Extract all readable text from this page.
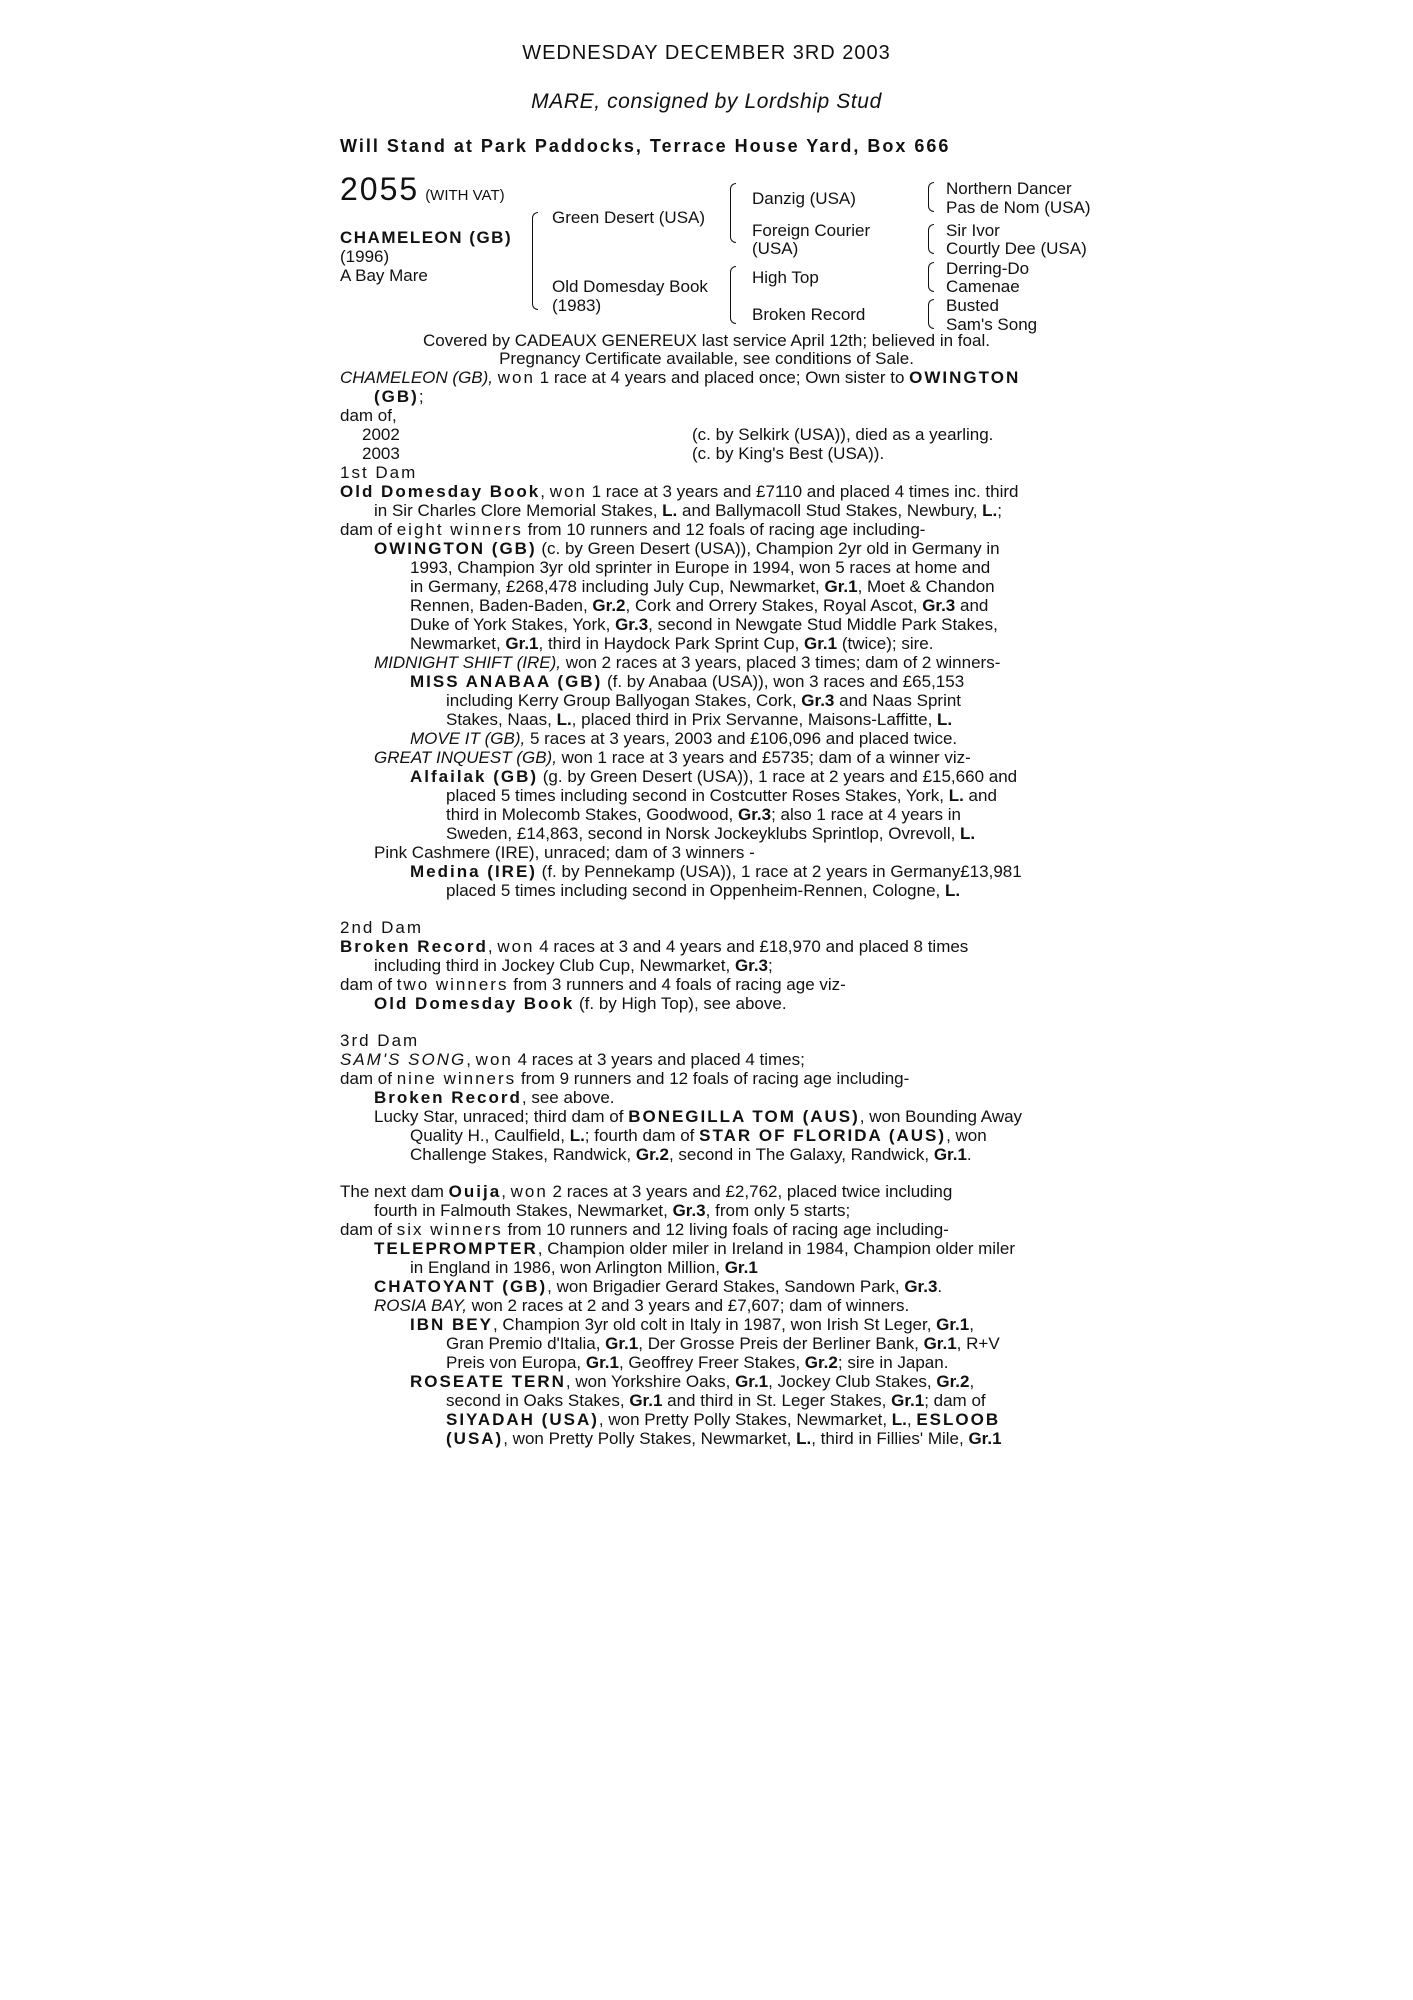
WEDNESDAY DECEMBER 3RD 2003
MARE, consigned by Lordship Stud
Will Stand at Park Paddocks, Terrace House Yard, Box 666
2055 (WITH VAT)
CHAMELEON (GB)
(1996)
A Bay Mare
Green Desert (USA)
Old Domesday Book
(1983)
Danzig (USA)
Foreign Courier
(USA)
High Top
Broken Record
Northern Dancer
Pas de Nom (USA)
Sir Ivor
Courtly Dee (USA)
Derring-Do
Camenae
Busted
Sam's Song
Covered by CADEAUX GENEREUX last service April 12th; believed in foal.
Pregnancy Certificate available, see conditions of Sale.
CHAMELEON (GB), won 1 race at 4 years and placed once; Own sister to OWINGTON
(GB);
dam of,
2002	(c. by Selkirk (USA)), died as a yearling.
2003	(c. by King's Best (USA)).
1st Dam
Old Domesday Book, won 1 race at 3 years and £7110 and placed 4 times inc. third
in Sir Charles Clore Memorial Stakes, L. and Ballymacoll Stud Stakes, Newbury, L.;
dam of eight winners from 10 runners and 12 foals of racing age including-
OWINGTON (GB) (c. by Green Desert (USA)), Champion 2yr old in Germany in
1993, Champion 3yr old sprinter in Europe in 1994, won 5 races at home and
in Germany, £268,478 including July Cup, Newmarket, Gr.1, Moet & Chandon
Rennen, Baden-Baden, Gr.2, Cork and Orrery Stakes, Royal Ascot, Gr.3 and
Duke of York Stakes, York, Gr.3, second in Newgate Stud Middle Park Stakes,
Newmarket, Gr.1, third in Haydock Park Sprint Cup, Gr.1 (twice); sire.
MIDNIGHT SHIFT (IRE), won 2 races at 3 years, placed 3 times; dam of 2 winners-
MISS ANABAA (GB) (f. by Anabaa (USA)), won 3 races and £65,153
including Kerry Group Ballyogan Stakes, Cork, Gr.3 and Naas Sprint
Stakes, Naas, L., placed third in Prix Servanne, Maisons-Laffitte, L.
MOVE IT (GB), 5 races at 3 years, 2003 and £106,096 and placed twice.
GREAT INQUEST (GB), won 1 race at 3 years and £5735; dam of a winner viz-
Alfailak (GB) (g. by Green Desert (USA)), 1 race at 2 years and £15,660 and
placed 5 times including second in Costcutter Roses Stakes, York, L. and
third in Molecomb Stakes, Goodwood, Gr.3; also 1 race at 4 years in
Sweden, £14,863, second in Norsk Jockeyklubs Sprintlop, Ovrevoll, L.
Pink Cashmere (IRE), unraced; dam of 3 winners -
Medina (IRE) (f. by Pennekamp (USA)), 1 race at 2 years in Germany£13,981
placed 5 times including second in Oppenheim-Rennen, Cologne, L.
2nd Dam
Broken Record, won 4 races at 3 and 4 years and £18,970 and placed 8 times
including third in Jockey Club Cup, Newmarket, Gr.3;
dam of two winners from 3 runners and 4 foals of racing age viz-
Old Domesday Book (f. by High Top), see above.
3rd Dam
SAM'S SONG, won 4 races at 3 years and placed 4 times;
dam of nine winners from 9 runners and 12 foals of racing age including-
Broken Record, see above.
Lucky Star, unraced; third dam of BONEGILLA TOM (AUS), won Bounding Away
Quality H., Caulfield, L.; fourth dam of STAR OF FLORIDA (AUS), won
Challenge Stakes, Randwick, Gr.2, second in The Galaxy, Randwick, Gr.1.
The next dam Ouija, won 2 races at 3 years and £2,762, placed twice including
fourth in Falmouth Stakes, Newmarket, Gr.3, from only 5 starts;
dam of six winners from 10 runners and 12 living foals of racing age including-
TELEPROMPTER, Champion older miler in Ireland in 1984, Champion older miler
in England in 1986, won Arlington Million, Gr.1
CHATOYANT (GB), won Brigadier Gerard Stakes, Sandown Park, Gr.3.
ROSIA BAY, won 2 races at 2 and 3 years and £7,607; dam of winners.
IBN BEY, Champion 3yr old colt in Italy in 1987, won Irish St Leger, Gr.1,
Gran Premio d'Italia, Gr.1, Der Grosse Preis der Berliner Bank, Gr.1, R+V
Preis von Europa, Gr.1, Geoffrey Freer Stakes, Gr.2; sire in Japan.
ROSEATE TERN, won Yorkshire Oaks, Gr.1, Jockey Club Stakes, Gr.2,
second in Oaks Stakes, Gr.1 and third in St. Leger Stakes, Gr.1; dam of
SIYADAH (USA), won Pretty Polly Stakes, Newmarket, L., ESLOOB
(USA), won Pretty Polly Stakes, Newmarket, L., third in Fillies' Mile, Gr.1
